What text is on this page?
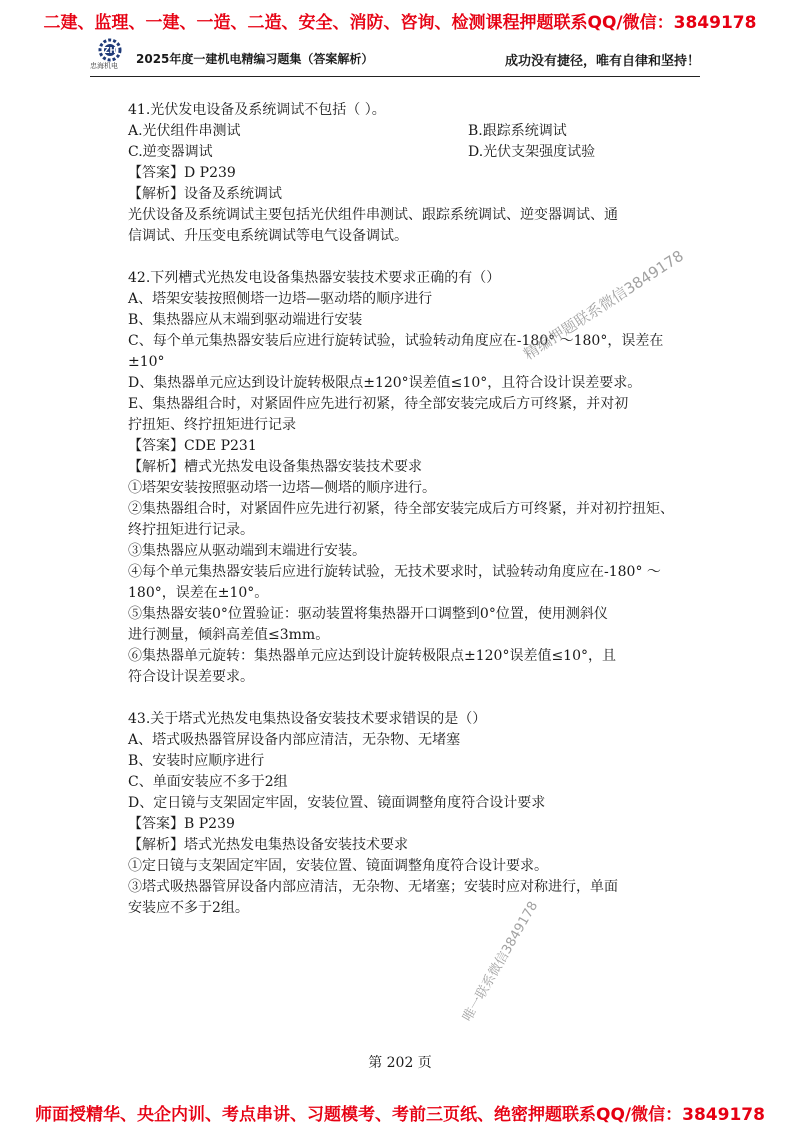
二建、监理、一建、一造、二造、安全、消防、咨询、检测课程押题联系QQ/微信：3849178
ZH
忠海机电 2025年度一建机电精编习题集（答案解析）	成功没有捷径，唯有自律和坚持！
41.光伏发电设备及系统调试不包括（ ）。
A.光伏组件串测试	B.跟踪系统调试
C.逆变器调试	D.光伏支架强度试验
【答案】D P239
【解析】设备及系统调试
光伏设备及系统调试主要包括光伏组件串测试、跟踪系统调试、逆变器调试、通
信调试、升压变电系统调试等电气设备调试。
42.下列槽式光热发电设备集热器安装技术要求正确的有（）
A、塔架安装按照侧塔一边塔—驱动塔的顺序进行
B、集热器应从末端到驱动端进行安装
C、每个单元集热器安装后应进行旋转试验，试验转动角度应在-180° ～180°，误差在
±10°
D、集热器单元应达到设计旋转极限点±120°误差值≤10°，且符合设计误差要求。
E、集热器组合时，对紧固件应先进行初紧，待全部安装完成后方可终紧，并对初
拧扭矩、终拧扭矩进行记录
【答案】CDE P231
【解析】槽式光热发电设备集热器安装技术要求
①塔架安装按照驱动塔一边塔—侧塔的顺序进行。
②集热器组合时，对紧固件应先进行初紧，待全部安装完成后方可终紧，并对初拧扭矩、
终拧扭矩进行记录。
③集热器应从驱动端到末端进行安装。
④每个单元集热器安装后应进行旋转试验，无技术要求时，试验转动角度应在-180° ～
180°，误差在±10°。
⑤集热器安装0°位置验证：驱动装置将集热器开口调整到0°位置，使用测斜仪
进行测量，倾斜高差值≤3mm。
⑥集热器单元旋转：集热器单元应达到设计旋转极限点±120°误差值≤10°，且
符合设计误差要求。
43.关于塔式光热发电集热设备安装技术要求错误的是（）
A、塔式吸热器管屏设备内部应清洁，无杂物、无堵塞
B、安装时应顺序进行
C、单面安装应不多于2组
D、定日镜与支架固定牢固，安装位置、镜面调整角度符合设计要求
【答案】B P239
【解析】塔式光热发电集热设备安装技术要求
①定日镜与支架固定牢固，安装位置、镜面调整角度符合设计要求。
③塔式吸热器管屏设备内部应清洁，无杂物、无堵塞；安装时应对称进行，单面
安装应不多于2组。
精编押题联系微信3849178
唯一联系微信3849178
第 202 页
师面授精华、央企内训、考点串讲、习题模考、考前三页纸、绝密押题联系QQ/微信：3849178
